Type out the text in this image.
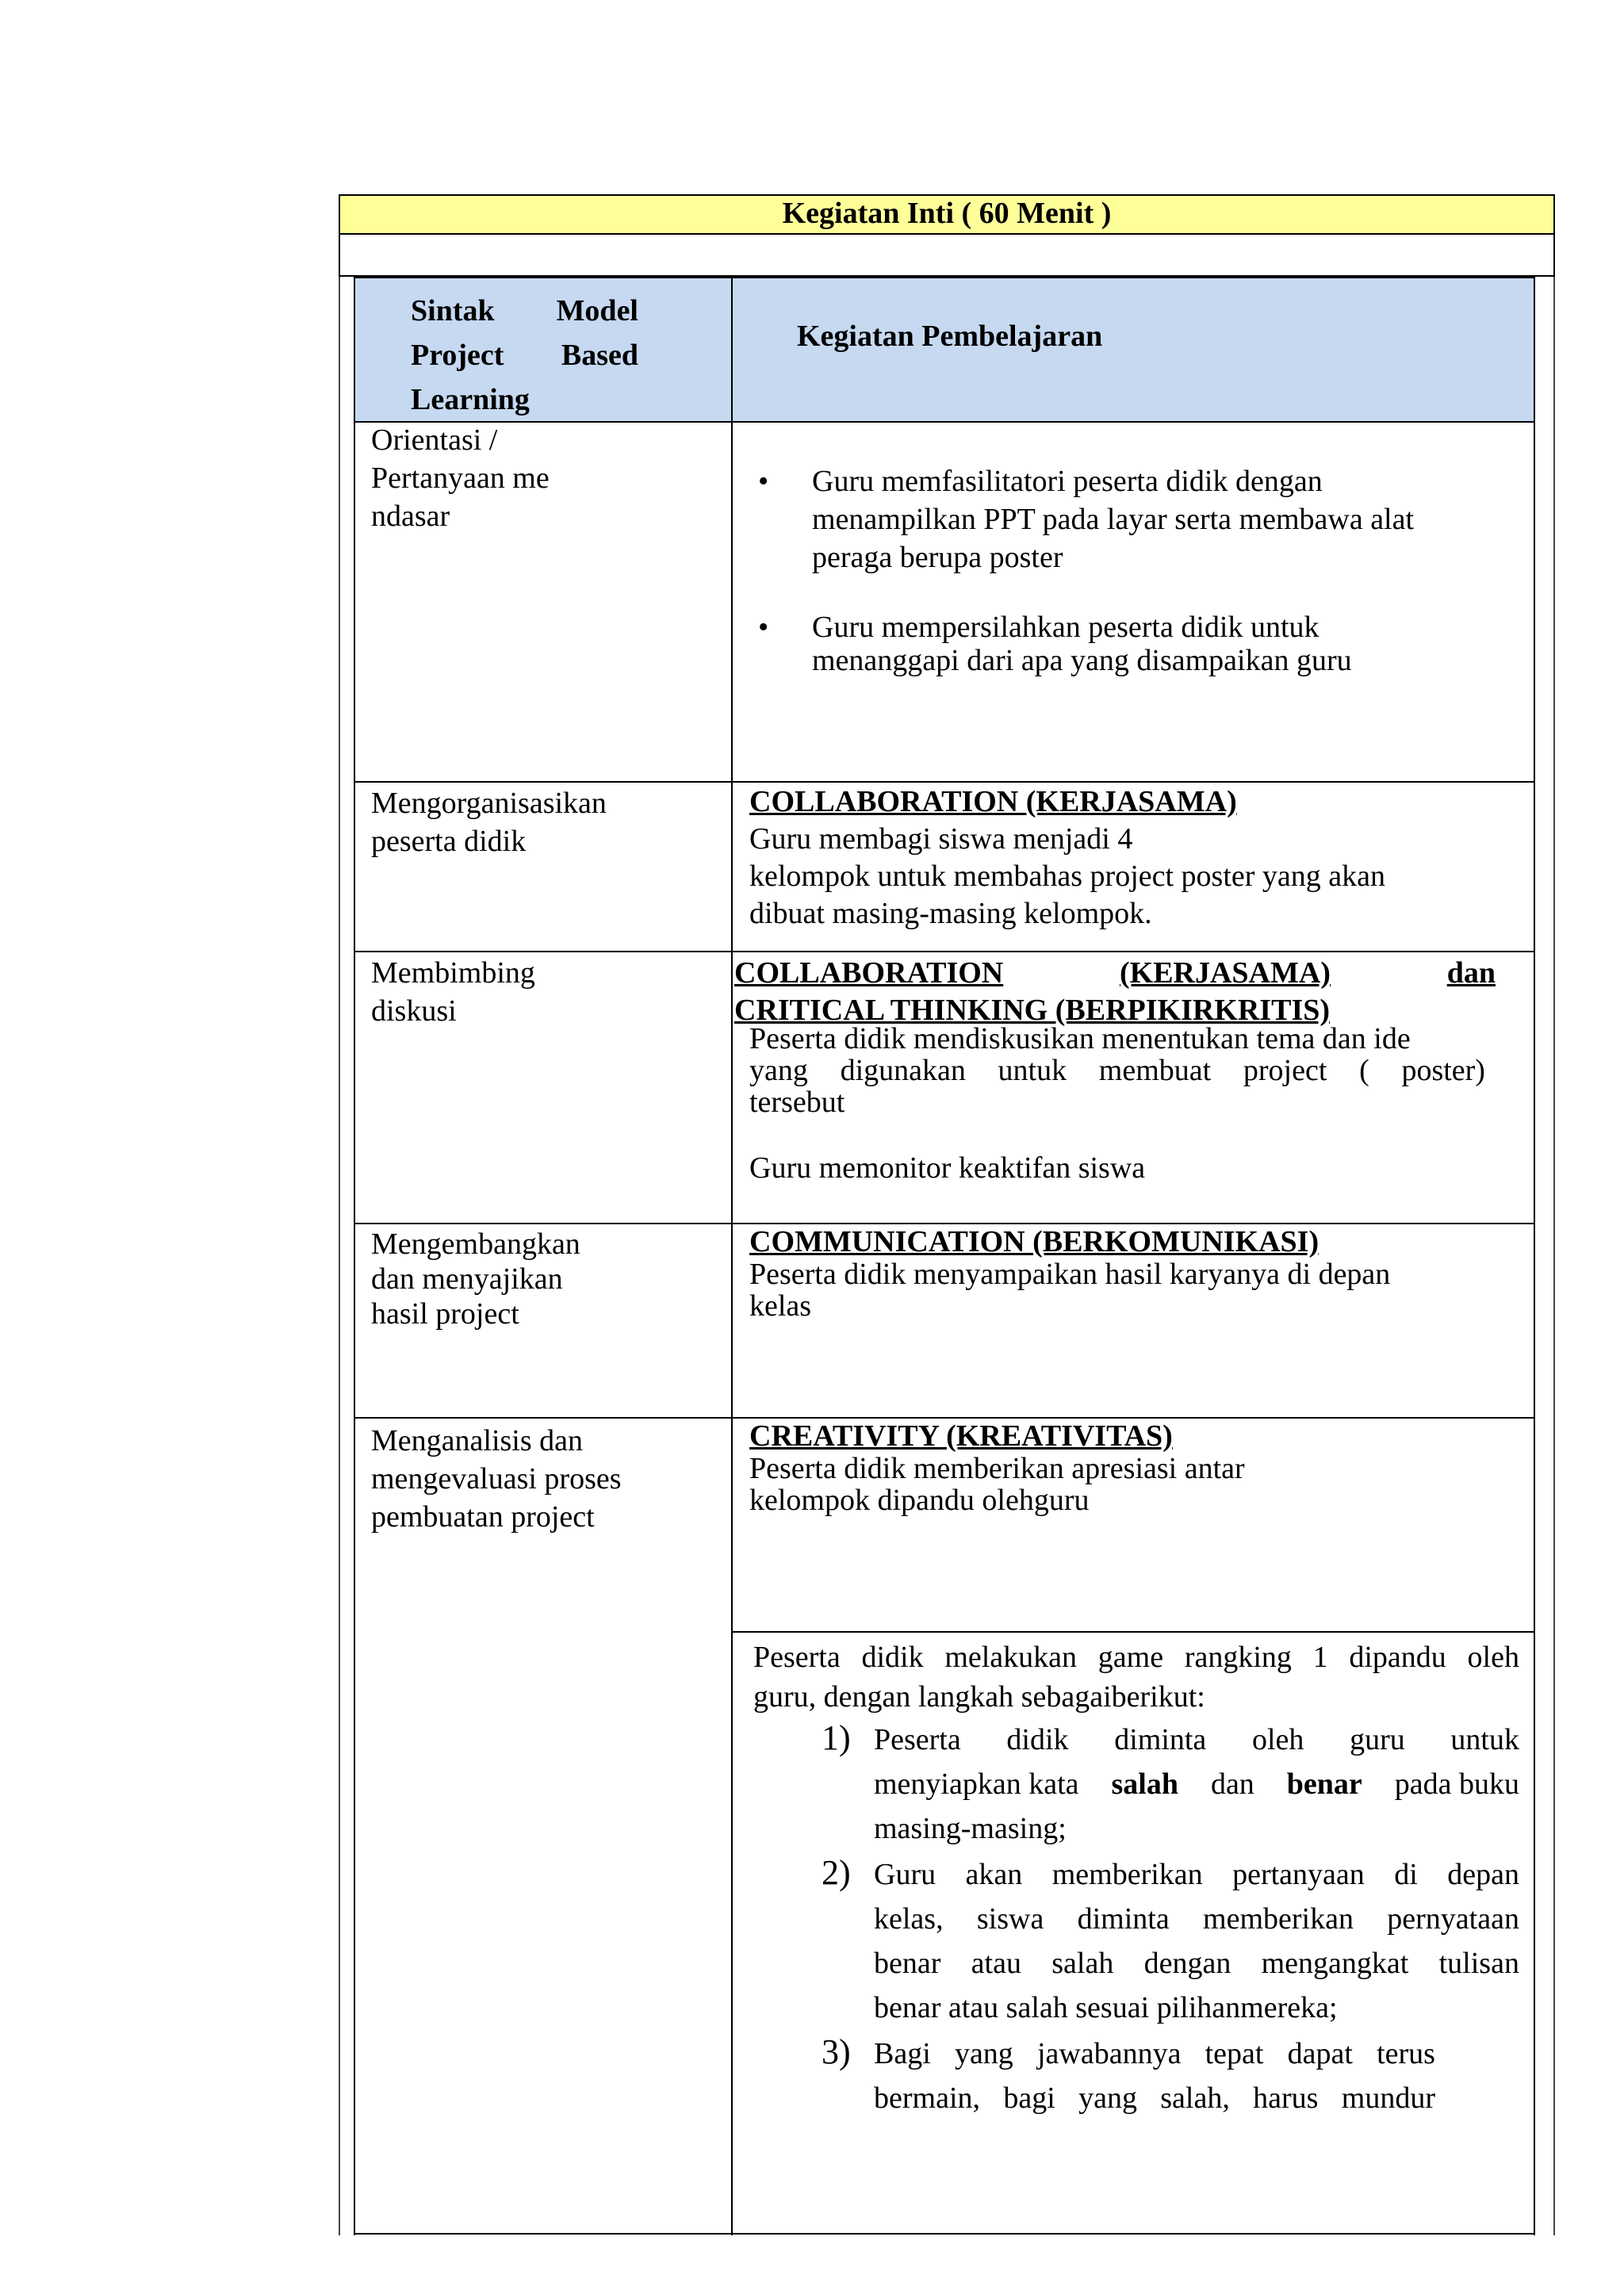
Kegiatan Inti ( 60 Menit )
Sintak Model
Project Based
Learning
Kegiatan Pembelajaran
Orientasi /
Pertanyaan me
ndasar
• Guru memfasilitatori peserta didik dengan
menampilkan PPT pada layar serta membawa alat
peraga berupa poster
• Guru mempersilahkan peserta didik untuk
menanggapi dari apa yang disampaikan guru
Mengorganisasikan
peserta didik
COLLABORATION (KERJASAMA)
Guru membagi siswa menjadi 4
kelompok untuk membahas project poster yang akan
dibuat masing-masing kelompok.
Membimbing
diskusi
COLLABORATION	(KERJASAMA)	dan
CRITICAL THINKING (BERPIKIRKRITIS)
Peserta didik mendiskusikan menentukan tema dan ide
yang digunakan untuk membuat project ( poster)
tersebut
Guru memonitor keaktifan siswa
Mengembangkan
dan menyajikan
hasil project
COMMUNICATION (BERKOMUNIKASI)
Peserta didik menyampaikan hasil karyanya di depan
kelas
Menganalisis dan
mengevaluasi proses
pembuatan project
CREATIVITY (KREATIVITAS)
Peserta didik memberikan apresiasi antar
kelompok dipandu olehguru
Peserta didik melakukan game rangking 1 dipandu oleh
guru, dengan langkah sebagaiberikut:
1) Peserta didik diminta oleh guru untuk
menyiapkan kata salah dan benar pada buku
masing-masing;
2) Guru akan memberikan pertanyaan di depan
kelas, siswa diminta memberikan pernyataan
benar atau salah dengan mengangkat tulisan
benar atau salah sesuai pilihanmereka;
3) Bagi yang jawabannya tepat dapat terus
bermain, bagi yang salah, harus mundur
